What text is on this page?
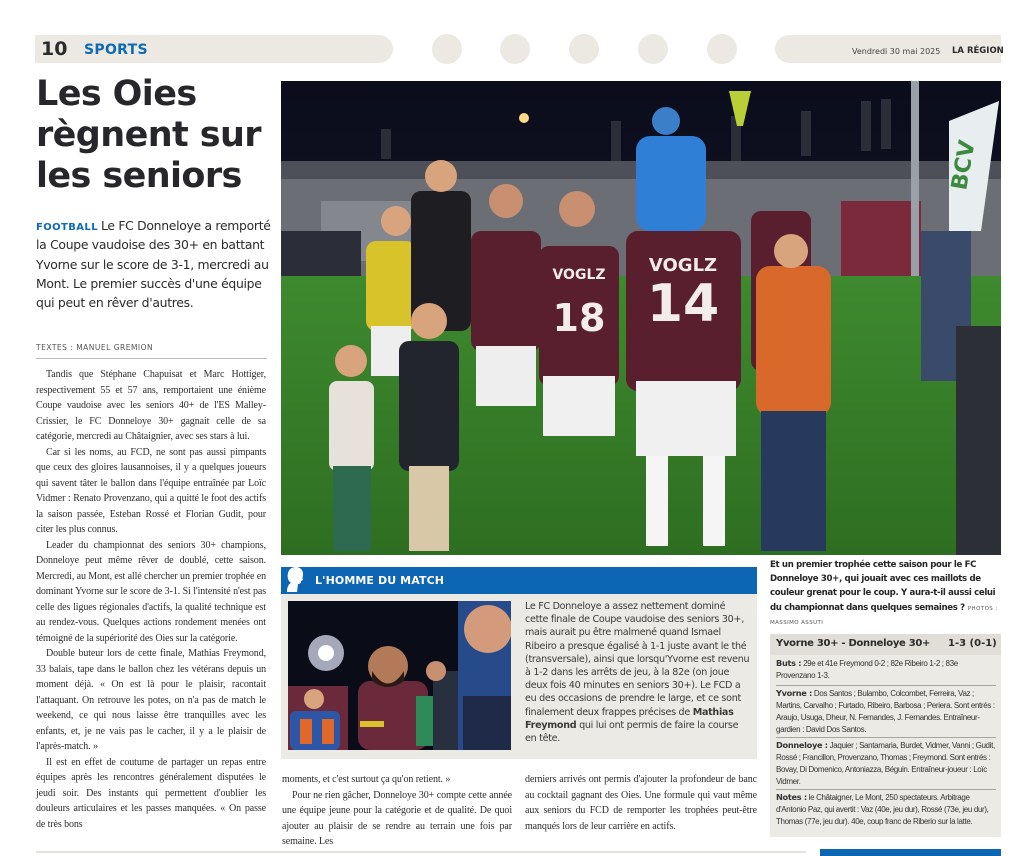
10 SPORTS	Vendredi 30 mai 2025 LA RÉGION
Les Oies
règnent sur
les seniors
FOOTBALL Le FC Donneloye a remporté la Coupe vaudoise des 30+ en battant Yvorne sur le score de 3-1, mercredi au Mont. Le premier succès d'une équipe qui peut en rêver d'autres.
TEXTES : MANUEL GREMION

Tandis que Stéphane Chapuisat et Marc Hottiger, respectivement 55 et 57 ans, remportaient une énième Coupe vaudoise avec les seniors 40+ de l'ES Malley-Crissier, le FC Donneloye 30+ gagnait celle de sa catégorie, mercredi au Châtaignier, avec ses stars à lui.

Car si les noms, au FCD, ne sont pas aussi pimpants que ceux des gloires lausannoises, il y a quelques joueurs qui savent tâter le ballon dans l'équipe entraînée par Loïc Vidmer : Renato Provenzano, qui a quitté le foot des actifs la saison passée, Esteban Rossé et Florian Gudit, pour citer les plus connus.

Leader du championnat des seniors 30+ champions, Donneloye peut même rêver de doublé, cette saison. Mercredi, au Mont, est allé chercher un premier trophée en dominant Yvorne sur le score de 3-1. Si l'intensité n'est pas celle des ligues régionales d'actifs, la qualité technique est au rendez-vous. Quelques actions rondement menées ont témoigné de la supériorité des Oies sur la catégorie.

Double buteur lors de cette finale, Mathias Freymond, 33 balais, tape dans le ballon chez les vétérans depuis un moment déjà. « On est là pour le plaisir, racontait l'attaquant. On retrouve les potes, on n'a pas de match le weekend, ce qui nous laisse être tranquilles avec les enfants, et, je ne vais pas le cacher, il y a le plaisir de l'après-match. »

Il est en effet de coutume de partager un repas entre équipes après les rencontres généralement disputées le jeudi soir. Des instants qui permettent d'oublier les douleurs articulaires et les passes manquées. « On passe de très bons

moments, et c'est surtout ça qu'on retient. »

Pour ne rien gâcher, Donneloye 30+ compte cette année une équipe jeune pour la catégorie et de qualité. De quoi ajouter au plaisir de se rendre au terrain une fois par semaine. Les

derniers arrivés ont permis d'ajouter la profondeur de banc au cocktail gagnant des Oies. Une formule qui vaut même aux seniors du FCD de remporter les trophées peut-être manqués lors de leur carrière en actifs.

BCV
18
VOGLZ 14
VOGLZ
Et un premier trophée cette saison pour le FC Donneloye 30+, qui jouait avec ces maillots de couleur grenat pour le coup. Y aura-t-il aussi celui du championnat dans quelques semaines ? PHOTOS : MASSIMO ASSUTI
L'HOMME DU MATCH
Le FC Donneloye a assez nettement dominé cette finale de Coupe vaudoise des seniors 30+, mais aurait pu être malmené quand Ismael Ribeiro a presque égalisé à 1-1 juste avant le thé (transversale), ainsi que lorsqu'Yvorne est revenu à 1-2 dans les arrêts de jeu, à la 82e (on joue deux fois 40 minutes en seniors 30+). Le FCD a eu des occasions de prendre le large, et ce sont finalement deux frappes précises de Mathias Freymond qui lui ont permis de faire la course en tête.
Yvorne 30+ - Donneloye 30+ 1-3 (0-1)
Buts : 29e et 41e Freymond 0-2 ; 82e Ribeiro 1-2 ; 83e Provenzano 1-3.
Yvorne : Dos Santos ; Bulambo, Colcombet, Ferreira, Vaz ; Martins, Carvalho ; Furtado, Ribeiro, Barbosa ; Periera. Sont entrés : Araujo, Usuga, Dheur, N. Fernandes, J. Fernandes. Entraîneur-gardien : David Dos Santos.
Donneloye : Jaquier ; Santamaria, Burdet, Vidmer, Vanni ; Gudit, Rossé ; Francillon, Provenzano, Thomas ; Freymond. Sont entrés : Bovay, Di Domenico, Antoniazza, Béguin. Entraîneur-joueur : Loïc Vidmer.
Notes : le Châtaigner, Le Mont, 250 spectateurs. Arbitrage d'Antonio Paz, qui avertit : Vaz (40e, jeu dur), Rossé (73e, jeu dur), Thomas (77e, jeu dur). 40e, coup franc de Riberio sur la latte.
